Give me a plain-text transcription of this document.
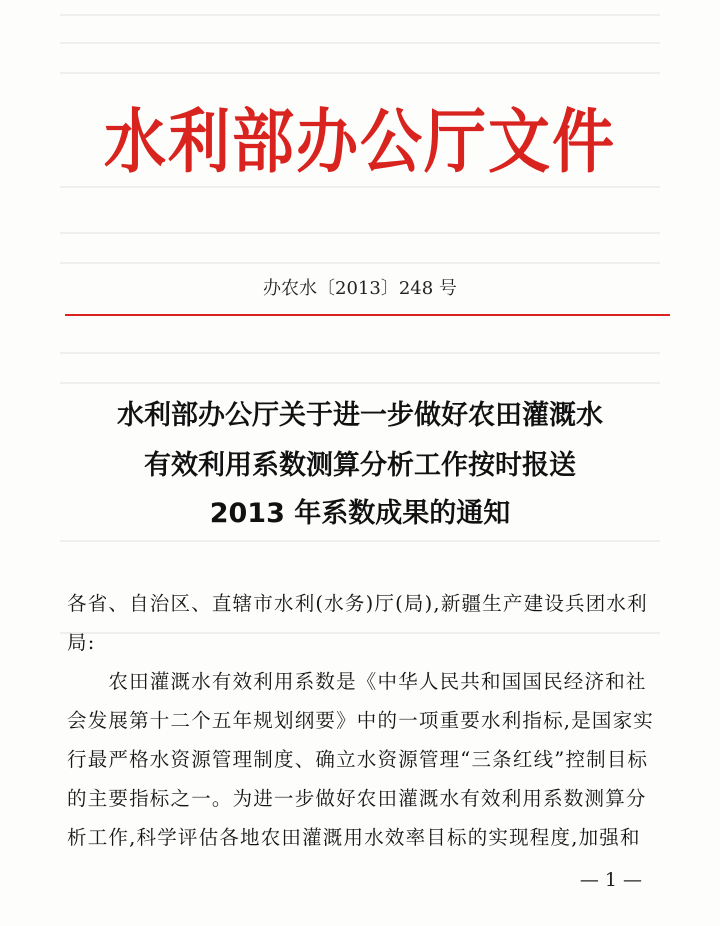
水利部办公厅文件
办农水〔2013〕248 号
水利部办公厅关于进一步做好农田灌溉水
有效利用系数测算分析工作按时报送
2013 年系数成果的通知
各省、自治区、直辖市水利(水务)厅(局),新疆生产建设兵团水利
局:
　　农田灌溉水有效利用系数是《中华人民共和国国民经济和社
会发展第十二个五年规划纲要》中的一项重要水利指标,是国家实
行最严格水资源管理制度、确立水资源管理“三条红线”控制目标
的主要指标之一。为进一步做好农田灌溉水有效利用系数测算分
析工作,科学评估各地农田灌溉用水效率目标的实现程度,加强和
— 1 —
